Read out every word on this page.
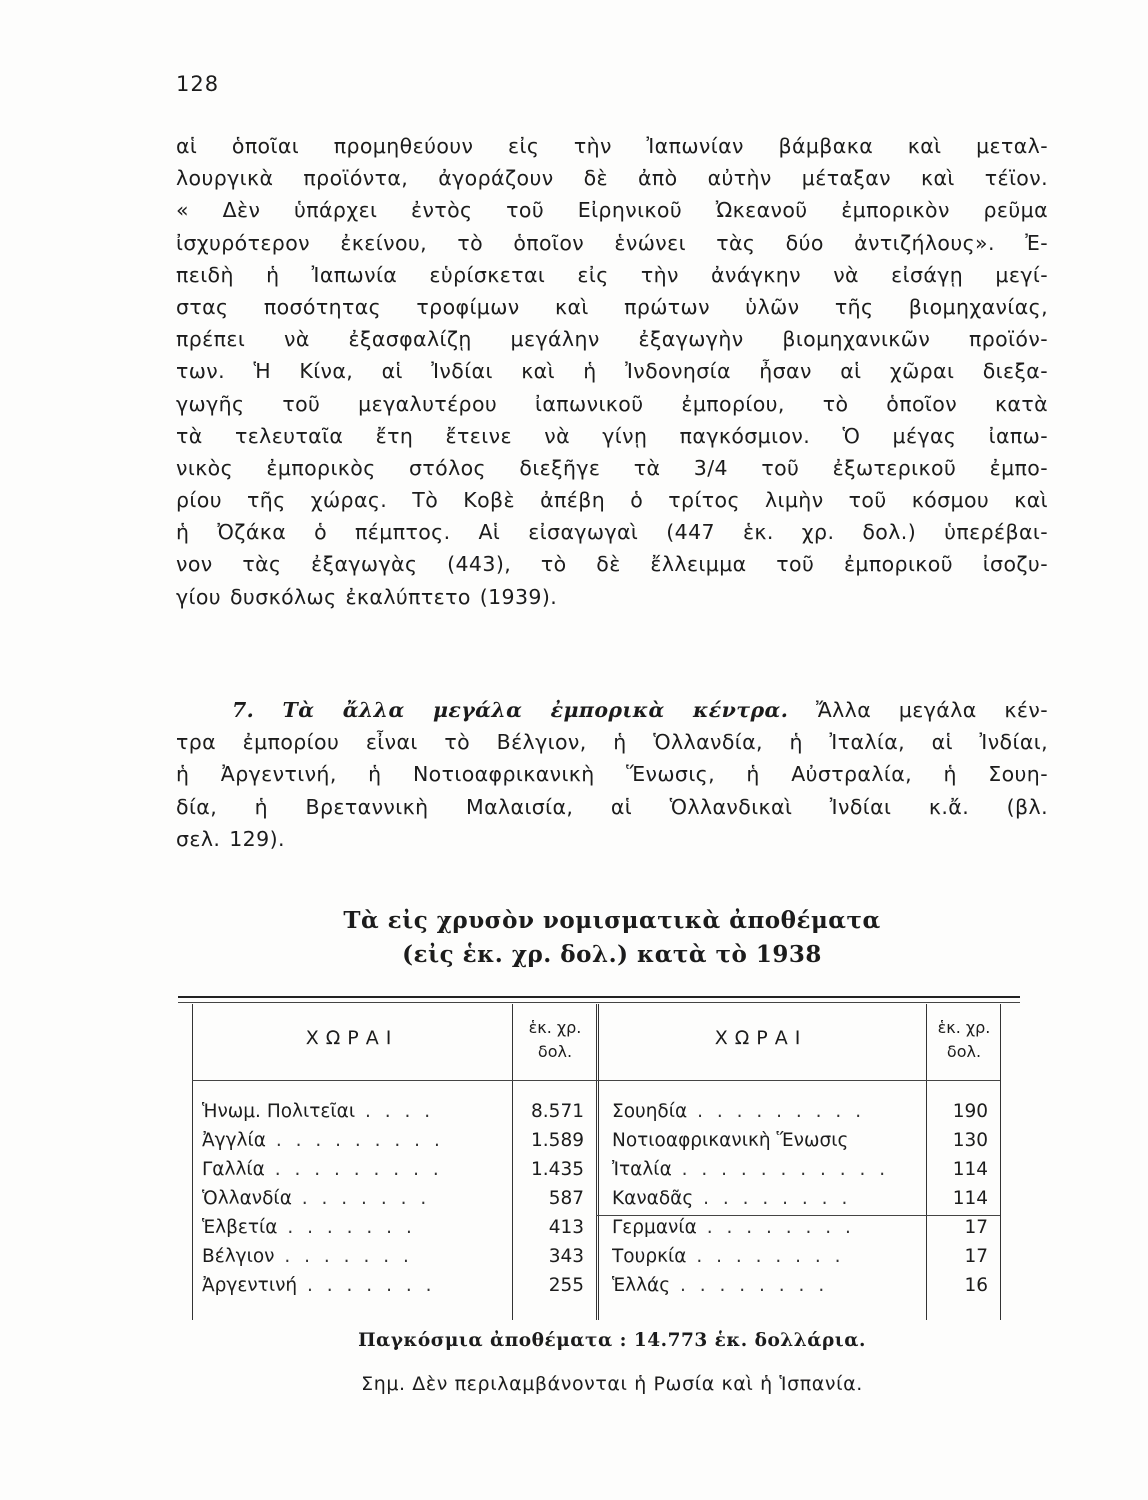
128
αἱ ὁποῖαι προμηθεύουν εἰς τὴν Ἰαπωνίαν βάμβακα καὶ μεταλ-
λουργικὰ προϊόντα, ἀγοράζουν δὲ ἀπὸ αὐτὴν μέταξαν καὶ τέϊον.
« Δὲν ὑπάρχει ἐντὸς τοῦ Εἰρηνικοῦ Ὠκεανοῦ ἐμπορικὸν ρεῦμα
ἰσχυρότερον ἐκείνου, τὸ ὁποῖον ἑνώνει τὰς δύο ἀντιζήλους». Ἐ-
πειδὴ ἡ Ἰαπωνία εὑρίσκεται εἰς τὴν ἀνάγκην νὰ εἰσάγῃ μεγί-
στας ποσότητας τροφίμων καὶ πρώτων ὑλῶν τῆς βιομηχανίας,
πρέπει νὰ ἐξασφαλίζῃ μεγάλην ἐξαγωγὴν βιομηχανικῶν προϊόν-
των. Ἡ Κίνα, αἱ Ἰνδίαι καὶ ἡ Ἰνδονησία ἦσαν αἱ χῶραι διεξα-
γωγῆς τοῦ μεγαλυτέρου ἰαπωνικοῦ ἐμπορίου, τὸ ὁποῖον κατὰ
τὰ τελευταῖα ἔτη ἔτεινε νὰ γίνῃ παγκόσμιον. Ὁ μέγας ἰαπω-
νικὸς ἐμπορικὸς στόλος διεξῆγε τὰ 3/4 τοῦ ἐξωτερικοῦ ἐμπο-
ρίου τῆς χώρας. Τὸ Κοβὲ ἀπέβη ὁ τρίτος λιμὴν τοῦ κόσμου καὶ
ἡ Ὀζάκα ὁ πέμπτος. Αἱ εἰσαγωγαὶ (447 ἑκ. χρ. δολ.) ὑπερέβαι-
νον τὰς ἐξαγωγὰς (443), τὸ δὲ ἔλλειμμα τοῦ ἐμπορικοῦ ἰσοζυ-
γίου δυσκόλως ἐκαλύπτετο (1939).
7. Τὰ ἄλλα μεγάλα ἐμπορικὰ κέντρα. Ἄλλα μεγάλα κέν-
τρα ἐμπορίου εἶναι τὸ Βέλγιον, ἡ Ὁλλανδία, ἡ Ἰταλία, αἱ Ἰνδίαι,
ἡ Ἀργεντινή, ἡ Νοτιοαφρικανικὴ Ἕνωσις, ἡ Αὐστραλία, ἡ Σουη-
δία, ἡ Βρεταννικὴ Μαλαισία, αἱ Ὁλλανδικαὶ Ἰνδίαι κ.ἄ. (βλ.
σελ. 129).
Τὰ εἰς χρυσὸν νομισματικὰ ἀποθέματα
(εἰς ἑκ. χρ. δολ.) κατὰ τὸ 1938
ΧΩΡΑΙ	ἑκ. χρ.
δολ.
ΧΩΡΑΙ	ἑκ. χρ.
δολ.
Ἡνωμ. Πολιτεῖαι . . . .	8.571
Ἀγγλία . . . . . . . . .	1.589
Γαλλία . . . . . . . . .	1.435
Ὁλλανδία . . . . . . .	587
Ἑλβετία . . . . . . .	413
Βέλγιον . . . . . . .	343
Ἀργεντινή . . . . . . .	255
Σουηδία . . . . . . . . .	190
Νοτιοαφρικανικὴ Ἕνωσις	130
Ἰταλία . . . . . . . . . . .	114
Καναδᾶς . . . . . . . .	114
Γερμανία . . . . . . . .	17
Τουρκία . . . . . . . .	17
Ἑλλάς . . . . . . . .	16
Παγκόσμια ἀποθέματα : 14.773 ἑκ. δολλάρια.
Σημ. Δὲν περιλαμβάνονται ἡ Ρωσία καὶ ἡ Ἱσπανία.
